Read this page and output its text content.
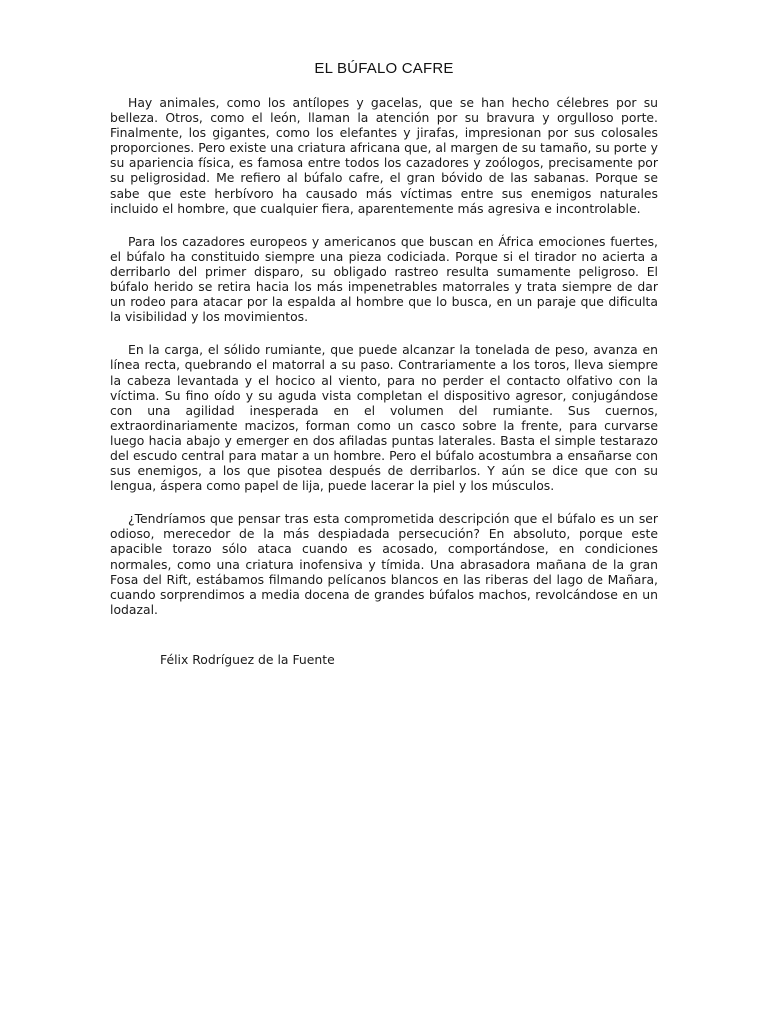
EL BÚFALO CAFRE

Hay animales, como los antílopes y gacelas, que se han hecho célebres por su belleza. Otros, como el león, llaman la atención por su bravura y orgulloso porte. Finalmente, los gigantes, como los elefantes y jirafas, impresionan por sus colosales proporciones. Pero existe una criatura africana que, al margen de su tamaño, su porte y su apariencia física, es famosa entre todos los cazadores y zoólogos, precisamente por su peligrosidad. Me refiero al búfalo cafre, el gran bóvido de las sabanas. Porque se sabe que este herbívoro ha causado más víctimas entre sus enemigos naturales incluido el hombre, que cualquier fiera, aparentemente más agresiva e incontrolable.

Para los cazadores europeos y americanos que buscan en África emociones fuertes, el búfalo ha constituido siempre una pieza codiciada. Porque si el tirador no acierta a derribarlo del primer disparo, su obligado rastreo resulta sumamente peligroso. El búfalo herido se retira hacia los más impenetrables matorrales y trata siempre de dar un rodeo para atacar por la espalda al hombre que lo busca, en un paraje que dificulta la visibilidad y los movimientos.

En la carga, el sólido rumiante, que puede alcanzar la tonelada de peso, avanza en línea recta, quebrando el matorral a su paso. Contrariamente a los toros, lleva siempre la cabeza levantada y el hocico al viento, para no perder el contacto olfativo con la víctima. Su fino oído y su aguda vista completan el dispositivo agresor, conjugándose con una agilidad inesperada en el volumen del rumiante. Sus cuernos, extraordinariamente macizos, forman como un casco sobre la frente, para curvarse luego hacia abajo y emerger en dos afiladas puntas laterales. Basta el simple testarazo del escudo central para matar a un hombre. Pero el búfalo acostumbra a ensañarse con sus enemigos, a los que pisotea después de derribarlos. Y aún se dice que con su lengua, áspera como papel de lija, puede lacerar la piel y los músculos.

¿Tendríamos que pensar tras esta comprometida descripción que el búfalo es un ser odioso, merecedor de la más despiadada persecución? En absoluto, porque este apacible torazo sólo ataca cuando es acosado, comportándose, en condiciones normales, como una criatura inofensiva y tímida. Una abrasadora mañana de la gran Fosa del Rift, estábamos filmando pelícanos blancos en las riberas del lago de Mañara, cuando sorprendimos a media docena de grandes búfalos machos, revolcándose en un lodazal.

Félix Rodríguez de la Fuente
